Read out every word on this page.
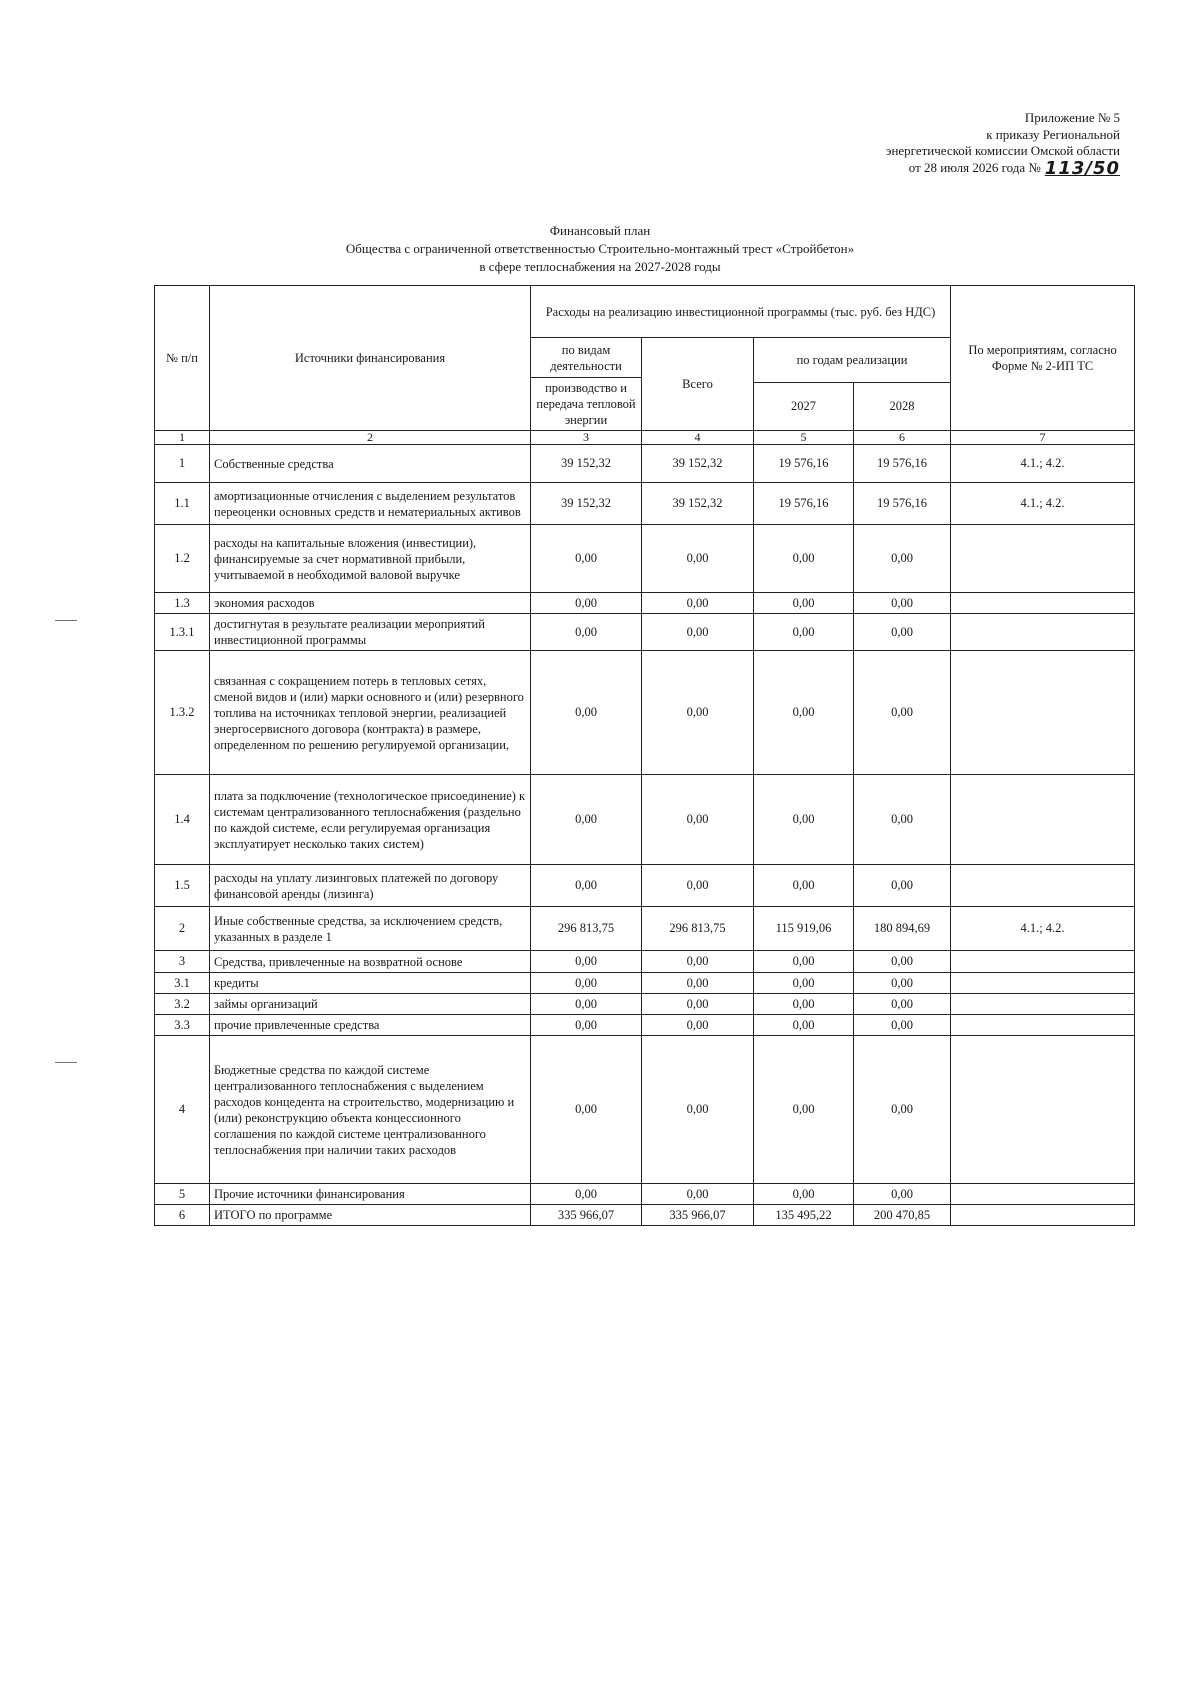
Приложение № 5
к приказу Региональной
энергетической комиссии Омской области
от 28 июля 2026 года № 113/50
Финансовый план
Общества с ограниченной ответственностью Строительно-монтажный трест «Стройбетон»
в сфере теплоснабжения на 2027-2028 годы
№ п/п	Источники финансирования	Расходы на реализацию инвестиционной программы (тыс. руб. без НДС)				По мероприятиям, согласно Форме № 2-ИП ТС
		по видам деятельности	Всего	по годам реализации		
		производство и передача тепловой энергии				
				2027	2028	
1	2	3	4	5	6	7
1	Собственные средства	39 152,32	39 152,32	19 576,16	19 576,16	4.1.; 4.2.
1.1	амортизационные отчисления с выделением результатов переоценки основных средств и нематериальных активов	39 152,32	39 152,32	19 576,16	19 576,16	4.1.; 4.2.
1.2	расходы на капитальные вложения (инвестиции), финансируемые за счет нормативной прибыли, учитываемой в необходимой валовой выручке	0,00	0,00	0,00	0,00	
1.3	экономия расходов	0,00	0,00	0,00	0,00	
1.3.1	достигнутая в результате реализации мероприятий инвестиционной программы	0,00	0,00	0,00	0,00	
1.3.2	связанная с сокращением потерь в тепловых сетях, сменой видов и (или) марки основного и (или) резервного топлива на источниках тепловой энергии, реализацией энергосервисного договора (контракта) в размере, определенном по решению регулируемой организации,	0,00	0,00	0,00	0,00	
1.4	плата за подключение (технологическое присоединение) к системам централизованного теплоснабжения (раздельно по каждой системе, если регулируемая организация эксплуатирует несколько таких систем)	0,00	0,00	0,00	0,00	
1.5	расходы на уплату лизинговых платежей по договору финансовой аренды (лизинга)	0,00	0,00	0,00	0,00	
2	Иные собственные средства, за исключением средств, указанных в разделе 1	296 813,75	296 813,75	115 919,06	180 894,69	4.1.; 4.2.
3	Средства, привлеченные на возвратной основе	0,00	0,00	0,00	0,00	
3.1	кредиты	0,00	0,00	0,00	0,00	
3.2	займы организаций	0,00	0,00	0,00	0,00	
3.3	прочие привлеченные средства	0,00	0,00	0,00	0,00	
4	Бюджетные средства по каждой системе централизованного теплоснабжения с выделением расходов концедента на строительство, модернизацию и (или) реконструкцию объекта концессионного соглашения по каждой системе централизованного теплоснабжения при наличии таких расходов	0,00	0,00	0,00	0,00	
5	Прочие источники финансирования	0,00	0,00	0,00	0,00	
6	ИТОГО по программе	335 966,07	335 966,07	135 495,22	200 470,85	
